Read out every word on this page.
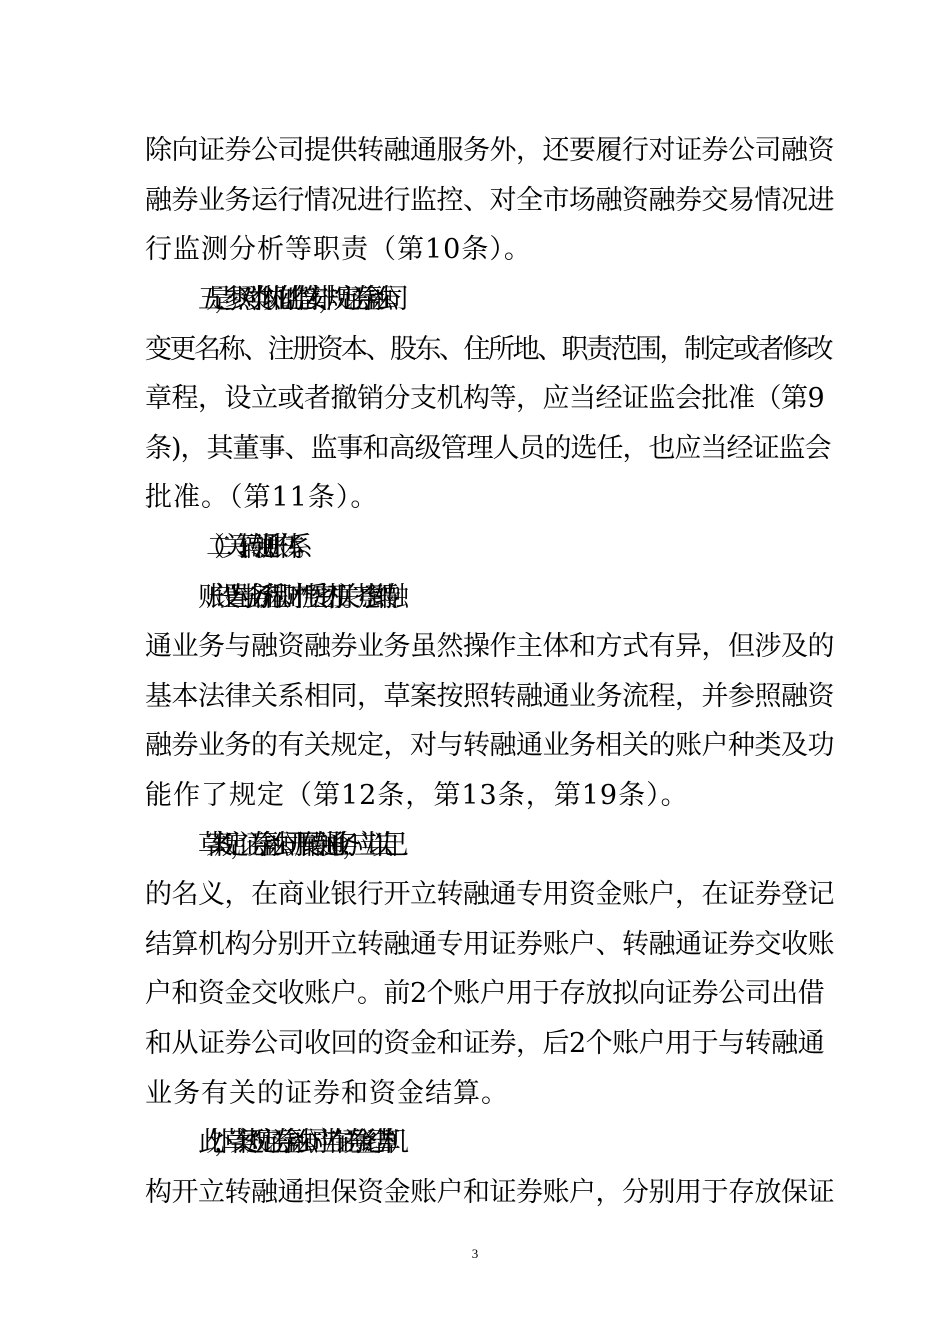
除向证券公司提供转融通服务外，还要履行对证券公司融资
融券业务运行情况进行监控、对全市场融资融券交易情况进
行监测分析等职责（第10条）。
五是，参照对类似机构的监管安排，规定证券金融公司
变更名称、注册资本、股东、住所地、职责范围，制定或者修改
章程，设立或者撤销分支机构等，应当经证监会批准（第9
条)，其董事、监事和高级管理人员的选任，也应当经证监会
批准。（第11条）。
（二）关于转融通账户体系。
账户设置与业务流程和财产性质密切相关。考虑到转融
通业务与融资融券业务虽然操作主体和方式有异，但涉及的
基本法律关系相同，草案按照转融通业务流程，并参照融资
融券业务的有关规定，对与转融通业务相关的账户种类及功
能作了规定（第12条，第13条，第19条）。
草案规定，证券金融公司开展转融通业务，应当以自己
的名义，在商业银行开立转融通专用资金账户，在证券登记
结算机构分别开立转融通专用证券账户、转融通证券交收账
户和资金交收账户。前2个账户用于存放拟向证券公司出借
和从证券公司收回的资金和证券，后2个账户用于与转融通
业务有关的证券和资金结算。
此外，草案还规定证券金融公司应当在证券登记结算机
构开立转融通担保资金账户和证券账户，分别用于存放保证
3
